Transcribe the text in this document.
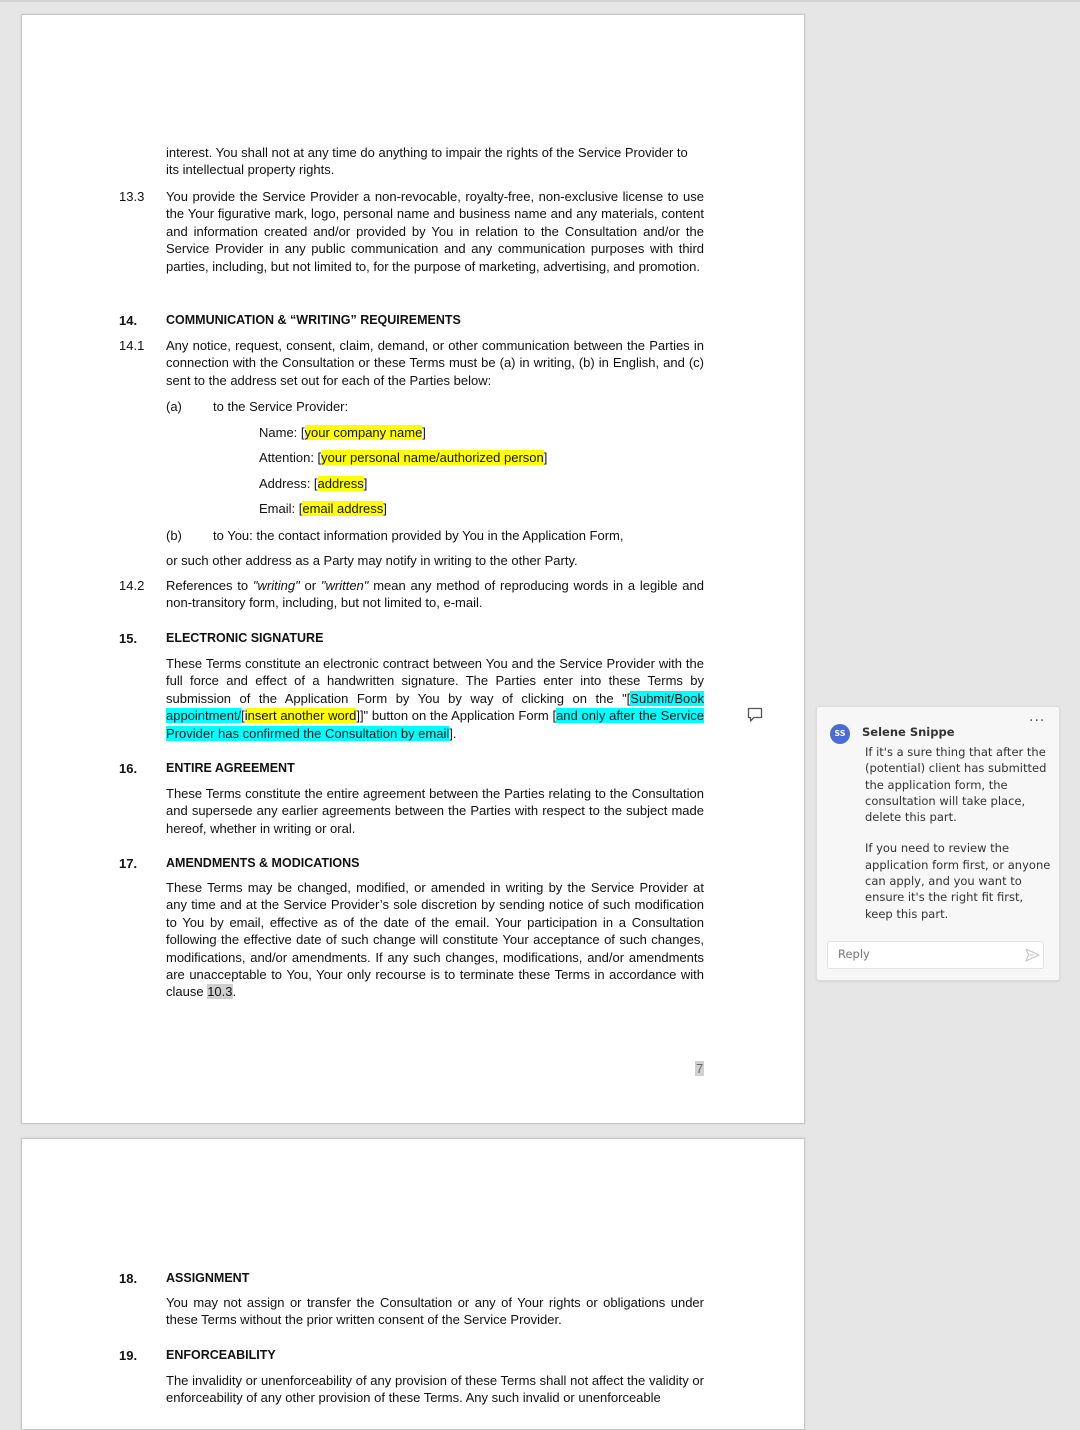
interest. You shall not at any time do anything to impair the rights of the Service Provider to its intellectual property rights.
13.3	You provide the Service Provider a non-revocable, royalty-free, non-exclusive license to use the Your figurative mark, logo, personal name and business name and any materials, content and information created and/or provided by You in relation to the Consultation and/or the Service Provider in any public communication and any communication purposes with third parties, including, but not limited to, for the purpose of marketing, advertising, and promotion.
14.	COMMUNICATION & “WRITING” REQUIREMENTS
14.1	Any notice, request, consent, claim, demand, or other communication between the Parties in connection with the Consultation or these Terms must be (a) in writing, (b) in English, and (c) sent to the address set out for each of the Parties below:
(a) to the Service Provider:
Name: [your company name]
Attention: [your personal name/authorized person]
Address: [address]
Email: [email address]
(b) to You: the contact information provided by You in the Application Form,
or such other address as a Party may notify in writing to the other Party.
14.2	References to "writing" or "written" mean any method of reproducing words in a legible and non-transitory form, including, but not limited to, e-mail.
15.	ELECTRONIC SIGNATURE
These Terms constitute an electronic contract between You and the Service Provider with the full force and effect of a handwritten signature. The Parties enter into these Terms by submission of the Application Form by You by way of clicking on the "[Submit/Book appointment/[insert another word]]" button on the Application Form [and only after the Service Provider has confirmed the Consultation by email].
16.	ENTIRE AGREEMENT
These Terms constitute the entire agreement between the Parties relating to the Consultation and supersede any earlier agreements between the Parties with respect to the subject made hereof, whether in writing or oral.
17.	AMENDMENTS & MODICATIONS
These Terms may be changed, modified, or amended in writing by the Service Provider at any time and at the Service Provider’s sole discretion by sending notice of such modification to You by email, effective as of the date of the email. Your participation in a Consultation following the effective date of such change will constitute Your acceptance of such changes, modifications, and/or amendments. If any such changes, modifications, and/or amendments are unacceptable to You, Your only recourse is to terminate these Terms in accordance with clause 10.3.
7
18.	ASSIGNMENT
You may not assign or transfer the Consultation or any of Your rights or obligations under these Terms without the prior written consent of the Service Provider.
19.	ENFORCEABILITY
The invalidity or unenforceability of any provision of these Terms shall not affect the validity or enforceability of any other provision of these Terms. Any such invalid or unenforceable
...
SS	Selene Snippe

If it's a sure thing that after the (potential) client has submitted the application form, the consultation will take place, delete this part.

If you need to review the application form first, or anyone can apply, and you want to ensure it's the right fit first, keep this part.

Reply
